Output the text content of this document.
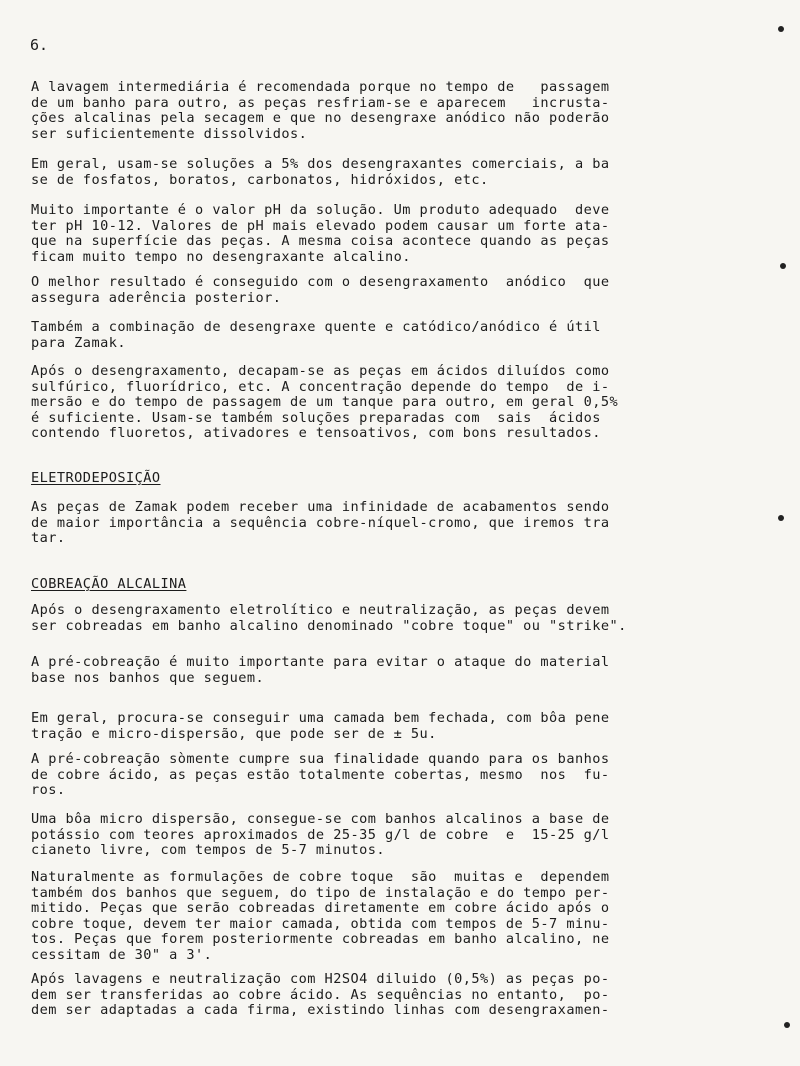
6.

A lavagem intermediária é recomendada porque no tempo de   passagem
de um banho para outro, as peças resfriam-se e aparecem   incrusta-
ções alcalinas pela secagem e que no desengraxe anódico não poderão
ser suficientemente dissolvidos.

Em geral, usam-se soluções a 5% dos desengraxantes comerciais, a ba
se de fosfatos, boratos, carbonatos, hidróxidos, etc.

Muito importante é o valor pH da solução. Um produto adequado  deve
ter pH 10-12. Valores de pH mais elevado podem causar um forte ata-
que na superfície das peças. A mesma coisa acontece quando as peças
ficam muito tempo no desengraxante alcalino.

O melhor resultado é conseguido com o desengraxamento  anódico  que
assegura aderência posterior.

Também a combinação de desengraxe quente e catódico/anódico é útil
para Zamak.

Após o desengraxamento, decapam-se as peças em ácidos diluídos como
sulfúrico, fluorídrico, etc. A concentração depende do tempo  de i-
mersão e do tempo de passagem de um tanque para outro, em geral 0,5%
é suficiente. Usam-se também soluções preparadas com  sais  ácidos
contendo fluoretos, ativadores e tensoativos, com bons resultados.

ELETRODEPOSIÇÃO

As peças de Zamak podem receber uma infinidade de acabamentos sendo
de maior importância a sequência cobre-níquel-cromo, que iremos tra
tar.

COBREAÇÃO ALCALINA

Após o desengraxamento eletrolítico e neutralização, as peças devem
ser cobreadas em banho alcalino denominado "cobre toque" ou "strike".

A pré-cobreação é muito importante para evitar o ataque do material
base nos banhos que seguem.

Em geral, procura-se conseguir uma camada bem fechada, com bôa pene
tração e micro-dispersão, que pode ser de ± 5u.

A pré-cobreação sòmente cumpre sua finalidade quando para os banhos
de cobre ácido, as peças estão totalmente cobertas, mesmo  nos  fu-
ros.

Uma bôa micro dispersão, consegue-se com banhos alcalinos a base de
potássio com teores aproximados de 25-35 g/l de cobre  e  15-25 g/l
cianeto livre, com tempos de 5-7 minutos.

Naturalmente as formulações de cobre toque  são  muitas e  dependem
também dos banhos que seguem, do tipo de instalação e do tempo per-
mitido. Peças que serão cobreadas diretamente em cobre ácido após o
cobre toque, devem ter maior camada, obtida com tempos de 5-7 minu-
tos. Peças que forem posteriormente cobreadas em banho alcalino, ne
cessitam de 30" a 3'.

Após lavagens e neutralização com H2SO4 diluido (0,5%) as peças po-
dem ser transferidas ao cobre ácido. As sequências no entanto,  po-
dem ser adaptadas a cada firma, existindo linhas com desengraxamen-
